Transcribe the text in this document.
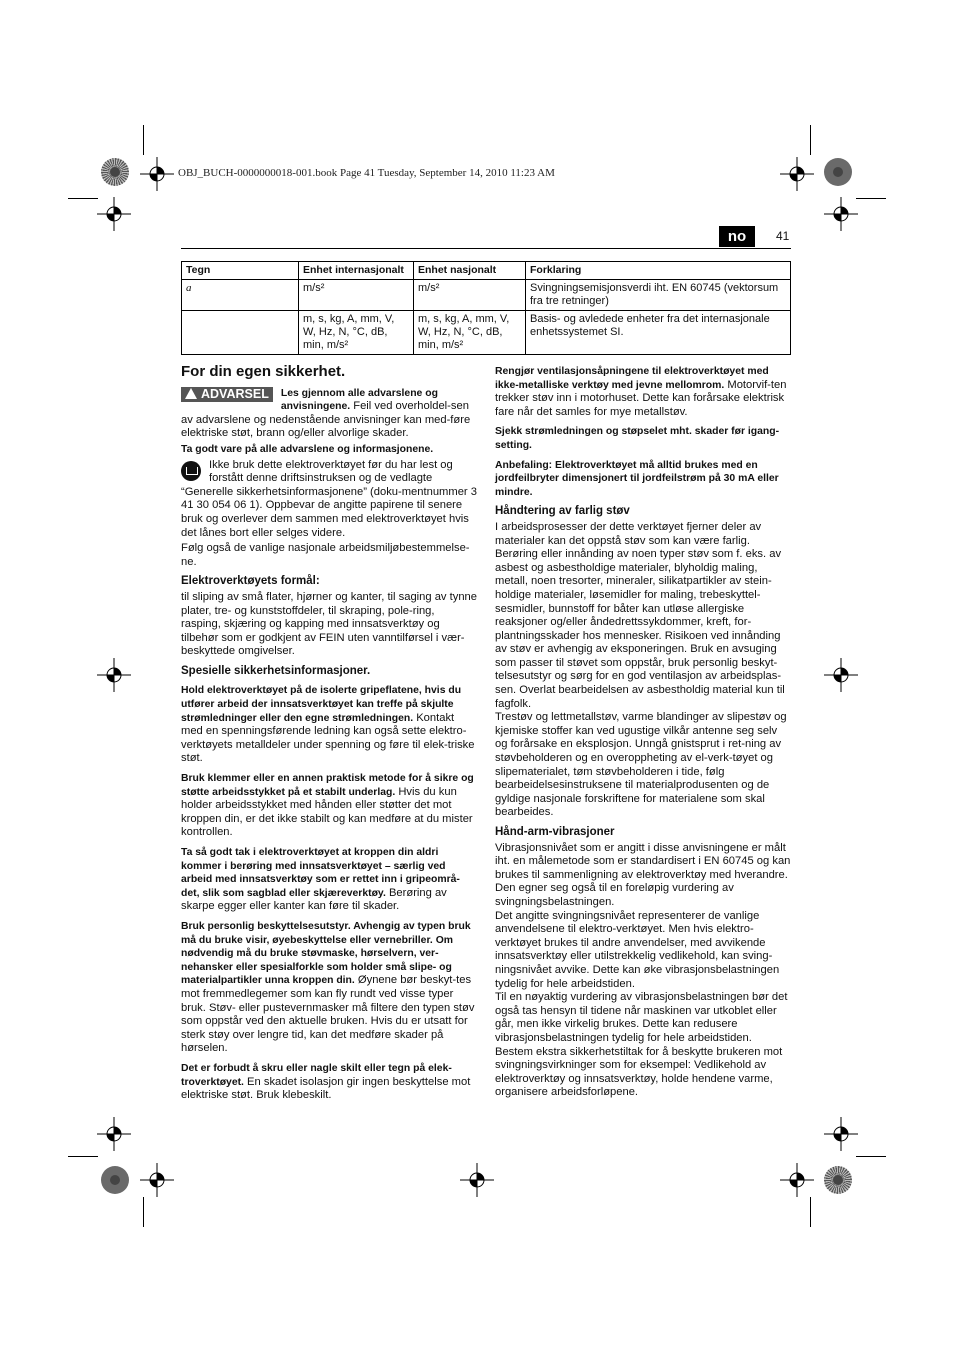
OBJ_BUCH-0000000018-001.book Page 41 Tuesday, September 14, 2010 11:23 AM
no	41
Tegn	Enhet internasjonalt	Enhet nasjonalt	Forklaring
a	m/s²	m/s²	Svingningsemisjonsverdi iht. EN 60745 (vektorsum fra tre retninger)
	m, s, kg, A, mm, V, W, Hz, N, °C, dB, min, m/s²	m, s, kg, A, mm, V, W, Hz, N, °C, dB, min, m/s²	Basis- og avledede enheter fra det internasjonale enhetssystemet SI.
For din egen sikkerhet.

ADVARSEL	Les gjennom alle advarslene og anvisningene. Feil ved overholdel-sen av advarslene og nedenstående anvisninger kan med-føre elektriske støt, brann og/eller alvorlige skader.

Ta godt vare på alle advarslene og informasjonene.

Ikke bruk dette elektroverktøyet før du har lest og forstått denne driftsinstruksen og de vedlagte “Generelle sikkerhetsinformasjonene” (doku-mentnummer 3 41 30 054 06 1). Oppbevar de angitte papirene til senere bruk og overlever dem sammen med elektroverktøyet hvis det lånes bort eller selges videre.

Følg også de vanlige nasjonale arbeidsmiljøbestemmelse-ne.

Elektroverktøyets formål:

til sliping av små flater, hjørner og kanter, til saging av tynne plater, tre- og kunststoffdeler, til skraping, pole-ring, rasping, skjæring og kapping med innsatsverktøy og tilbehør som er godkjent av FEIN uten vanntilførsel i vær-beskyttede omgivelser.

Spesielle sikkerhetsinformasjoner.

Hold elektroverktøyet på de isolerte gripeflatene, hvis du utfører arbeid der innsatsverktøyet kan treffe på skjulte strømledninger eller den egne strømledningen. Kontakt med en spenningsførende ledning kan også sette elektro-verktøyets metalldeler under spenning og føre til elek-triske støt.

Bruk klemmer eller en annen praktisk metode for å sikre og støtte arbeidsstykket på et stabilt underlag. Hvis du kun holder arbeidsstykket med hånden eller støtter det mot kroppen din, er det ikke stabilt og kan medføre at du mister kontrollen.

Ta så godt tak i elektroverktøyet at kroppen din aldri kommer i berøring med innsatsverktøyet – særlig ved arbeid med innsatsverktøy som er rettet inn i gripeområ-det, slik som sagblad eller skjæreverktøy. Berøring av skarpe egger eller kanter kan føre til skader.

Bruk personlig beskyttelsesutstyr. Avhengig av typen bruk må du bruke visir, øyebeskyttelse eller vernebriller. Om nødvendig må du bruke støvmaske, hørselvern, ver-nehansker eller spesialforkle som holder små slipe- og materialpartikler unna kroppen din. Øynene bør beskyt-tes mot fremmedlegemer som kan fly rundt ved visse typer bruk. Støv- eller pustevernmasker må filtere den typen støv som oppstår ved den aktuelle bruken. Hvis du er utsatt for sterk støy over lengre tid, kan det medføre skader på hørselen.

Det er forbudt å skru eller nagle skilt eller tegn på elek-troverktøyet. En skadet isolasjon gir ingen beskyttelse mot elektriske støt. Bruk klebeskilt.

Rengjør ventilasjonsåpningene til elektroverktøyet med ikke-metalliske verktøy med jevne mellomrom. Motorvif-ten trekker støv inn i motorhuset. Dette kan forårsake elektrisk fare når det samles for mye metallstøv.

Sjekk strømledningen og støpselet mht. skader før igang-setting.

Anbefaling: Elektroverktøyet må alltid brukes med en jordfeilbryter dimensjonert til jordfeilstrøm på 30 mA eller mindre.

Håndtering av farlig støv

I arbeidsprosesser der dette verktøyet fjerner deler av materialer kan det oppstå støv som kan være farlig. Berøring eller innånding av noen typer støv som f. eks. av asbest og asbestholdige materialer, blyholdig maling, metall, noen tresorter, mineraler, silikatpartikler av stein-holdige materialer, løsemidler for maling, trebeskyttel-sesmidler, bunnstoff for båter kan utløse allergiske reaksjoner og/eller åndedrettssykdommer, kreft, for-plantningsskader hos mennesker. Risikoen ved innånding av støv er avhengig av eksponeringen. Bruk en avsuging som passer til støvet som oppstår, bruk personlig beskyt-telsesutstyr og sørg for en god ventilasjon av arbeidsplas-sen. Overlat bearbeidelsen av asbestholdig material kun til fagfolk.

Trestøv og lettmetallstøv, varme blandinger av slipestøv og kjemiske stoffer kan ved ugustige vilkår antenne seg selv og forårsake en eksplosjon. Unngå gnistsprut i ret-ning av støvbeholderen og en overoppheting av el-verk-tøyet og slipematerialet, tøm støvbeholderen i tide, følg bearbeidelsesinstruksene til materialprodusenten og de gyldige nasjonale forskriftene for materialene som skal bearbeides.

Hånd-arm-vibrasjoner

Vibrasjonsnivået som er angitt i disse anvisningene er målt iht. en målemetode som er standardisert i EN 60745 og kan brukes til sammenligning av elektroverktøy med hverandre. Den egner seg også til en foreløpig vurdering av svingningsbelastningen.

Det angitte svingningsnivået representerer de vanlige anvendelsene til elektro-verktøyet. Men hvis elektro-verktøyet brukes til andre anvendelser, med avvikende innsatsverktøy eller utilstrekkelig vedlikehold, kan sving-ningsnivået avvike. Dette kan øke vibrasjonsbelastningen tydelig for hele arbeidstiden.

Til en nøyaktig vurdering av vibrasjonsbelastningen bør det også tas hensyn til tidene når maskinen var utkoblet eller går, men ikke virkelig brukes. Dette kan redusere vibrasjonsbelastningen tydelig for hele arbeidstiden.

Bestem ekstra sikkerhetstiltak for å beskytte brukeren mot svingningsvirkninger som for eksempel: Vedlikehold av elektroverktøy og innsatsverktøy, holde hendene varme, organisere arbeidsforløpene.
